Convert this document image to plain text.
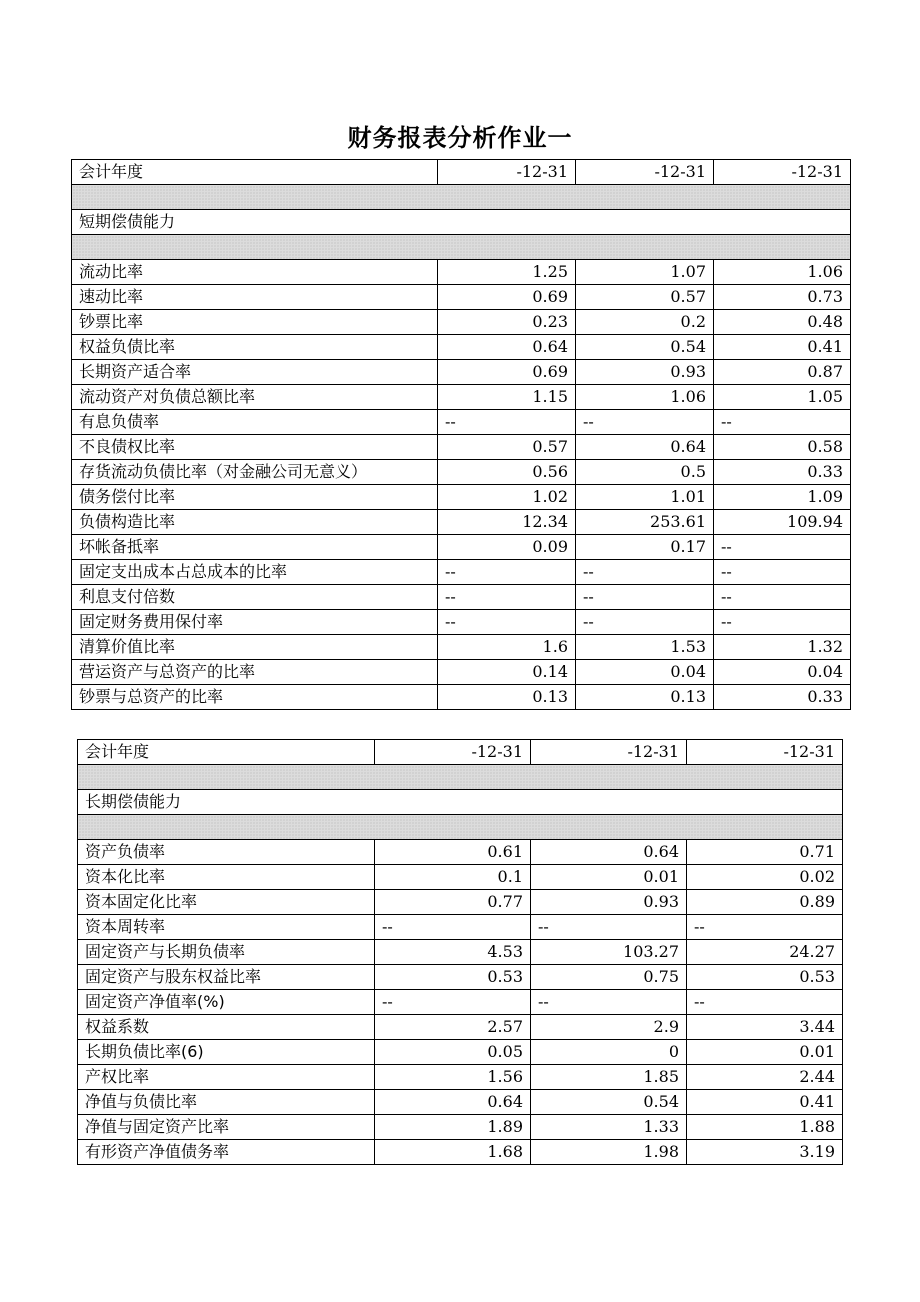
财务报表分析作业一
会计年度	-12-31	-12-31	-12-31

短期偿债能力			

流动比率	1.25	1.07	1.06
速动比率	0.69	0.57	0.73
钞票比率	0.23	0.2	0.48
权益负债比率	0.64	0.54	0.41
长期资产适合率	0.69	0.93	0.87
流动资产对负债总额比率	1.15	1.06	1.05
有息负债率	--	--	--
不良债权比率	0.57	0.64	0.58
存货流动负债比率（对金融公司无意义）	0.56	0.5	0.33
债务偿付比率	1.02	1.01	1.09
负债构造比率	12.34	253.61	109.94
坏帐备抵率	0.09	0.17	--
固定支出成本占总成本的比率	--	--	--
利息支付倍数	--	--	--
固定财务费用保付率	--	--	--
清算价值比率	1.6	1.53	1.32
营运资产与总资产的比率	0.14	0.04	0.04
钞票与总资产的比率	0.13	0.13	0.33
会计年度	-12-31	-12-31	-12-31

长期偿债能力			

资产负债率	0.61	0.64	0.71
资本化比率	0.1	0.01	0.02
资本固定化比率	0.77	0.93	0.89
资本周转率	--	--	--
固定资产与长期负债率	4.53	103.27	24.27
固定资产与股东权益比率	0.53	0.75	0.53
固定资产净值率(%)	--	--	--
权益系数	2.57	2.9	3.44
长期负债比率(6)	0.05	0	0.01
产权比率	1.56	1.85	2.44
净值与负债比率	0.64	0.54	0.41
净值与固定资产比率	1.89	1.33	1.88
有形资产净值债务率	1.68	1.98	3.19
